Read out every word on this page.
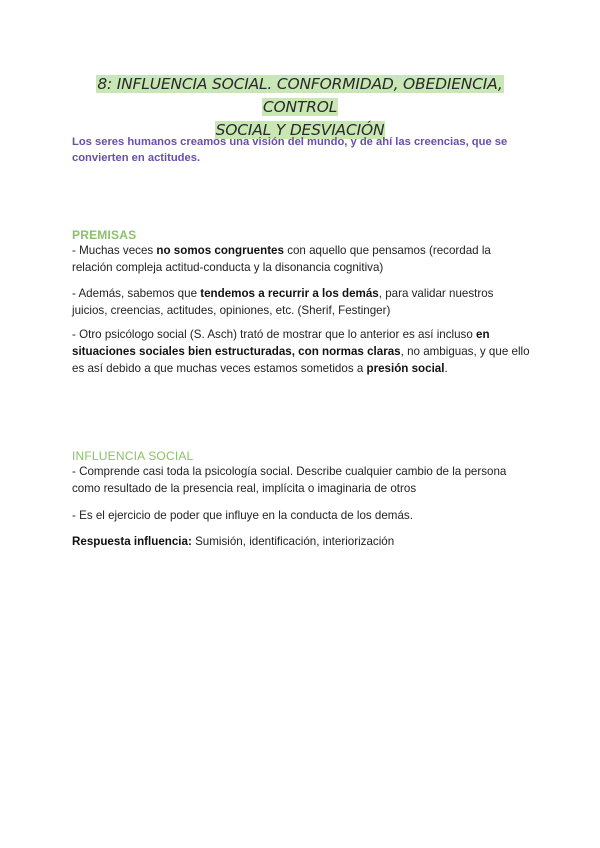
8: INFLUENCIA SOCIAL. CONFORMIDAD, OBEDIENCIA, CONTROL
SOCIAL Y DESVIACIÓN
Los seres humanos creamos una visión del mundo, y de ahí las creencias, que se convierten en actitudes.
PREMISAS
- Muchas veces no somos congruentes con aquello que pensamos (recordad la relación compleja actitud-conducta y la disonancia cognitiva)
- Además, sabemos que tendemos a recurrir a los demás, para validar nuestros juicios, creencias, actitudes, opiniones, etc. (Sherif, Festinger)
- Otro psicólogo social (S. Asch) trató de mostrar que lo anterior es así incluso en situaciones sociales bien estructuradas, con normas claras, no ambiguas, y que ello es así debido a que muchas veces estamos sometidos a presión social.
INFLUENCIA SOCIAL
- Comprende casi toda la psicología social. Describe cualquier cambio de la persona como resultado de la presencia real, implícita o imaginaria de otros
- Es el ejercicio de poder que influye en la conducta de los demás.
Respuesta influencia: Sumisión, identificación, interiorización
